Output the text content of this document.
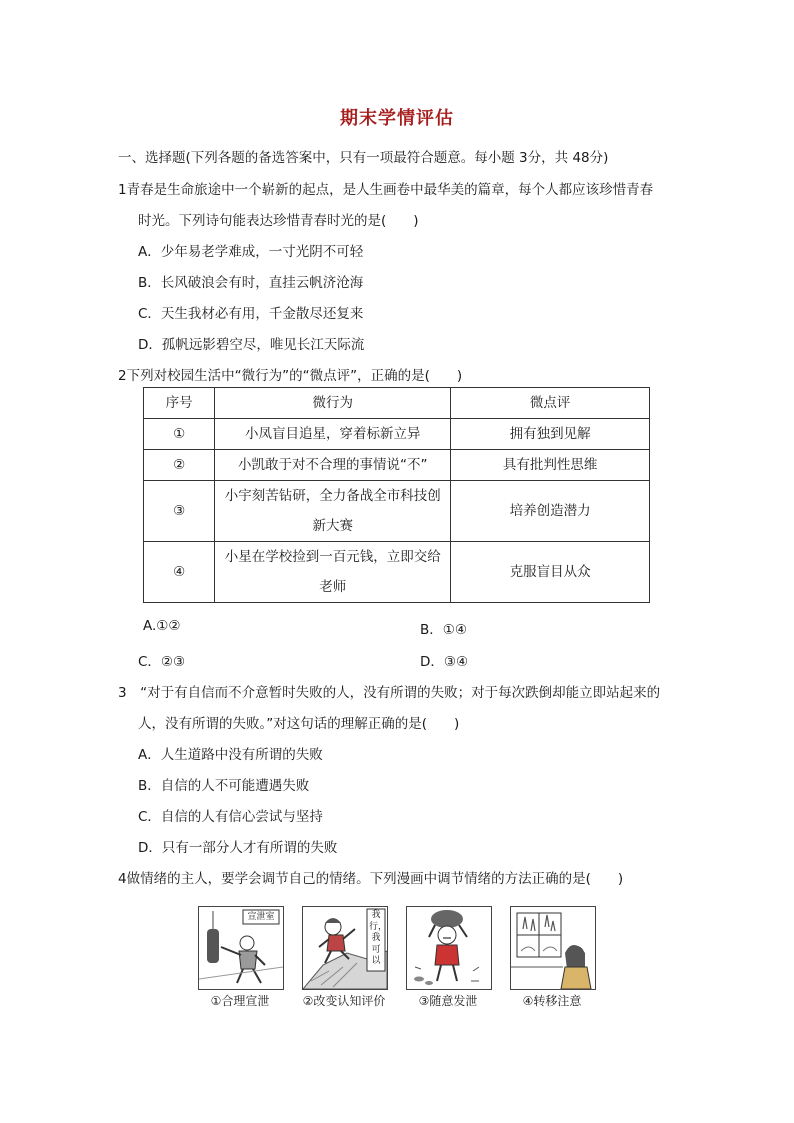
期末学情评估
一、选择题(下列各题的备选答案中，只有一项最符合题意。每小题 3分，共 48分)
1青春是生命旅途中一个崭新的起点，是人生画卷中最华美的篇章，每个人都应该珍惜青春
时光。下列诗句能表达珍惜青春时光的是(　　)
A．少年易老学难成，一寸光阴不可轻
B．长风破浪会有时，直挂云帆济沧海
C．天生我材必有用，千金散尽还复来
D．孤帆远影碧空尽，唯见长江天际流
2下列对校园生活中“微行为”的“微点评”，正确的是(　　)
序号	微行为	微点评
①	小凤盲目追星，穿着标新立异	拥有独到见解
②	小凯敢于对不合理的事情说“不”	具有批判性思维
③	小宇刻苦钻研，全力备战全市科技创
新大赛	培养创造潜力
④	小星在学校捡到一百元钱，立即交给
老师	克服盲目从众
A.①②	B．①④
C．②③	D．③④
3　“对于有自信而不介意暂时失败的人，没有所谓的失败；对于每次跌倒却能立即站起来的
人，没有所谓的失败。”对这句话的理解正确的是(　　)
A．人生道路中没有所谓的失败
B．自信的人不可能遭遇失败
C．自信的人有信心尝试与坚持
D．只有一部分人才有所谓的失败
4做情绪的主人，要学会调节自己的情绪。下列漫画中调节情绪的方法正确的是(　　)
宣泄室	我
行，
我
可
以
①合理宣泄	②改变认知评价	③随意发泄	④转移注意
